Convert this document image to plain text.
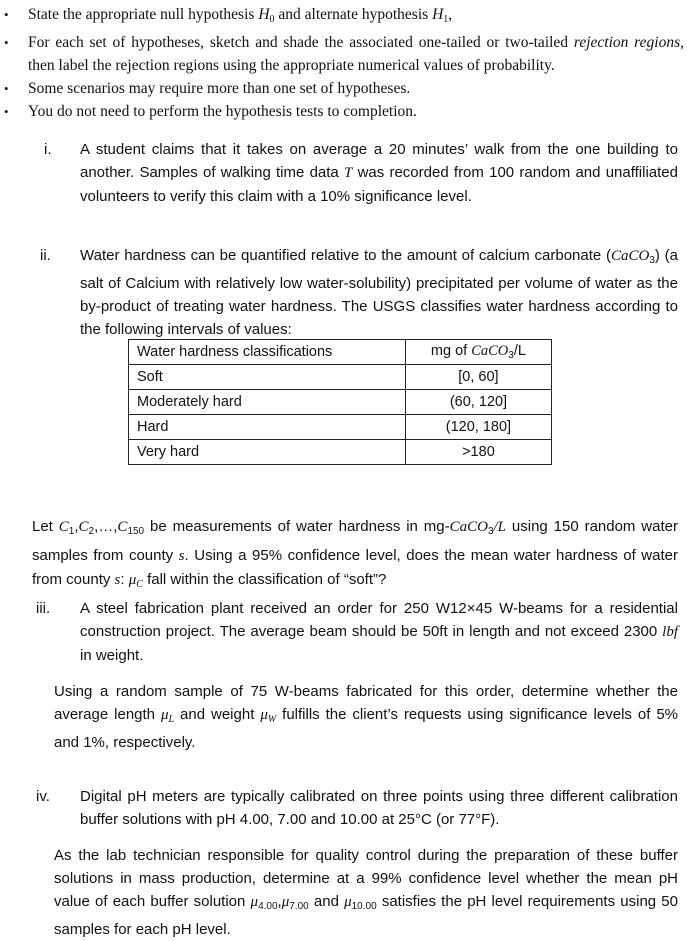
• State the appropriate null hypothesis H0 and alternate hypothesis H1,
• For each set of hypotheses, sketch and shade the associated one-tailed or two-tailed rejection regions, then label the rejection regions using the appropriate numerical values of probability.
• Some scenarios may require more than one set of hypotheses.
• You do not need to perform the hypothesis tests to completion.
i.	A student claims that it takes on average a 20 minutes’ walk from the one building to another. Samples of walking time data T was recorded from 100 random and unaffiliated volunteers to verify this claim with a 10% significance level.
ii.	Water hardness can be quantified relative to the amount of calcium carbonate (CaCO$_3$) (a salt of Calcium with relatively low water-solubility) precipitated per volume of water as the by-product of treating water hardness. The USGS classifies water hardness according to the following intervals of values:
Water hardness classifications	mg of CaCO$_3$/L
Soft	[0, 60]
Moderately hard	(60, 120]
Hard	(120, 180]
Very hard	>180
Let $C_1,C_2,\dots,C_{150}$ be measurements of water hardness in mg-CaCO$_3$/L using 150 random water samples from county s. Using a 95% confidence level, does the mean water hardness of water from county s: $\mu_C$ fall within the classification of “soft”?
iii.	A steel fabrication plant received an order for 250 W12×45 W-beams for a residential construction project. The average beam should be 50ft in length and not exceed 2300 lbf in weight.
Using a random sample of 75 W-beams fabricated for this order, determine whether the average length $\mu_L$ and weight $\mu_W$ fulfills the client’s requests using significance levels of 5% and 1%, respectively.
iv.	Digital pH meters are typically calibrated on three points using three different calibration buffer solutions with pH 4.00, 7.00 and 10.00 at 25°C (or 77°F).
As the lab technician responsible for quality control during the preparation of these buffer solutions in mass production, determine at a 99% confidence level whether the mean pH value of each buffer solution $\mu_{4.00},\mu_{7.00}$ and $\mu_{10.00}$ satisfies the pH level requirements using 50 samples for each pH level.
